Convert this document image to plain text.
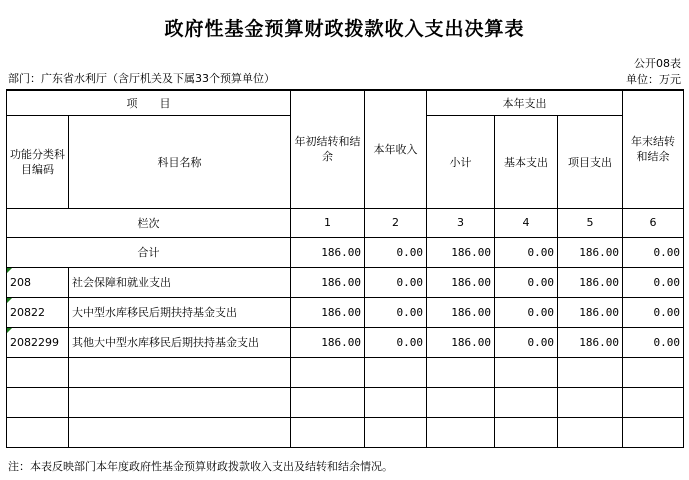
政府性基金预算财政拨款收入支出决算表
公开08表
部门：广东省水利厅（含厅机关及下属33个预算单位）	单位：万元
项　　目		年初结转和结余	本年收入	本年支出			年末结转和结余
功能分类科目编码	科目名称			小计	基本支出	项目支出	
栏次		1	2	3	4	5	6
合计		186.00	0.00	186.00	0.00	186.00	0.00

208	社会保障和就业支出	186.00	0.00	186.00	0.00	186.00	0.00

20822	大中型水库移民后期扶持基金支出	186.00	0.00	186.00	0.00	186.00	0.00

2082299	其他大中型水库移民后期扶持基金支出	186.00	0.00	186.00	0.00	186.00	0.00

注：本表反映部门本年度政府性基金预算财政拨款收入支出及结转和结余情况。
